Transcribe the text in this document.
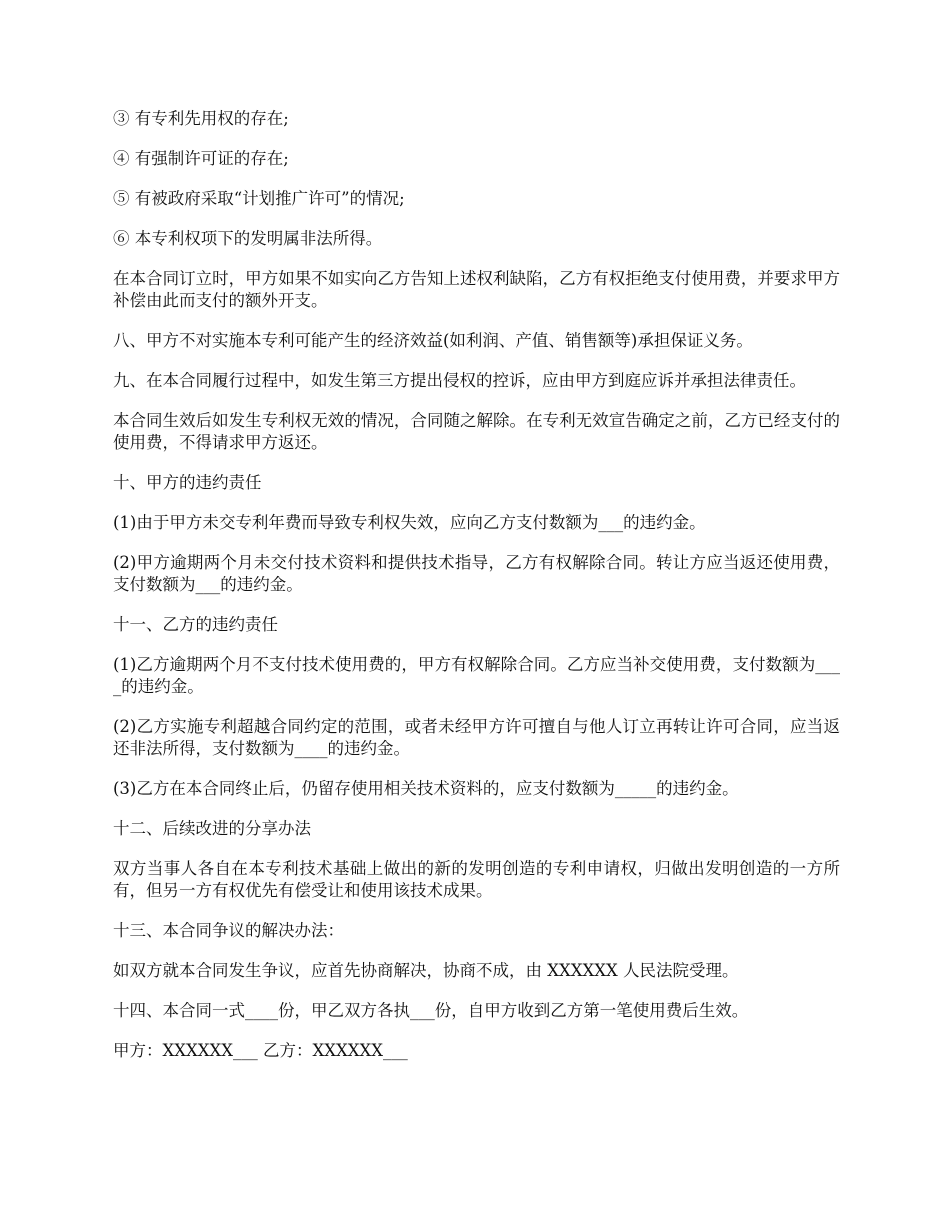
③ 有专利先用权的存在;

④ 有强制许可证的存在;

⑤ 有被政府采取“计划推广许可”的情况;

⑥ 本专利权项下的发明属非法所得。

在本合同订立时，甲方如果不如实向乙方告知上述权利缺陷，乙方有权拒绝支付使用费，并要求甲方补偿由此而支付的额外开支。

八、甲方不对实施本专利可能产生的经济效益(如利润、产值、销售额等)承担保证义务。

九、在本合同履行过程中，如发生第三方提出侵权的控诉，应由甲方到庭应诉并承担法律责任。

本合同生效后如发生专利权无效的情况，合同随之解除。在专利无效宣告确定之前，乙方已经支付的使用费，不得请求甲方返还。

十、甲方的违约责任

(1)由于甲方未交专利年费而导致专利权失效，应向乙方支付数额为___的违约金。

(2)甲方逾期两个月未交付技术资料和提供技术指导，乙方有权解除合同。转让方应当返还使用费，支付数额为___的违约金。

十一、乙方的违约责任

(1)乙方逾期两个月不支付技术使用费的，甲方有权解除合同。乙方应当补交使用费，支付数额为____的违约金。

(2)乙方实施专利超越合同约定的范围，或者未经甲方许可擅自与他人订立再转让许可合同，应当返还非法所得，支付数额为____的违约金。

(3)乙方在本合同终止后，仍留存使用相关技术资料的，应支付数额为_____的违约金。

十二、后续改进的分享办法

双方当事人各自在本专利技术基础上做出的新的发明创造的专利申请权，归做出发明创造的一方所有，但另一方有权优先有偿受让和使用该技术成果。

十三、本合同争议的解决办法：

如双方就本合同发生争议，应首先协商解决，协商不成，由 XXXXXX 人民法院受理。

十四、本合同一式____份，甲乙双方各执___份，自甲方收到乙方第一笔使用费后生效。

甲方：XXXXXX___ 乙方：XXXXXX___
